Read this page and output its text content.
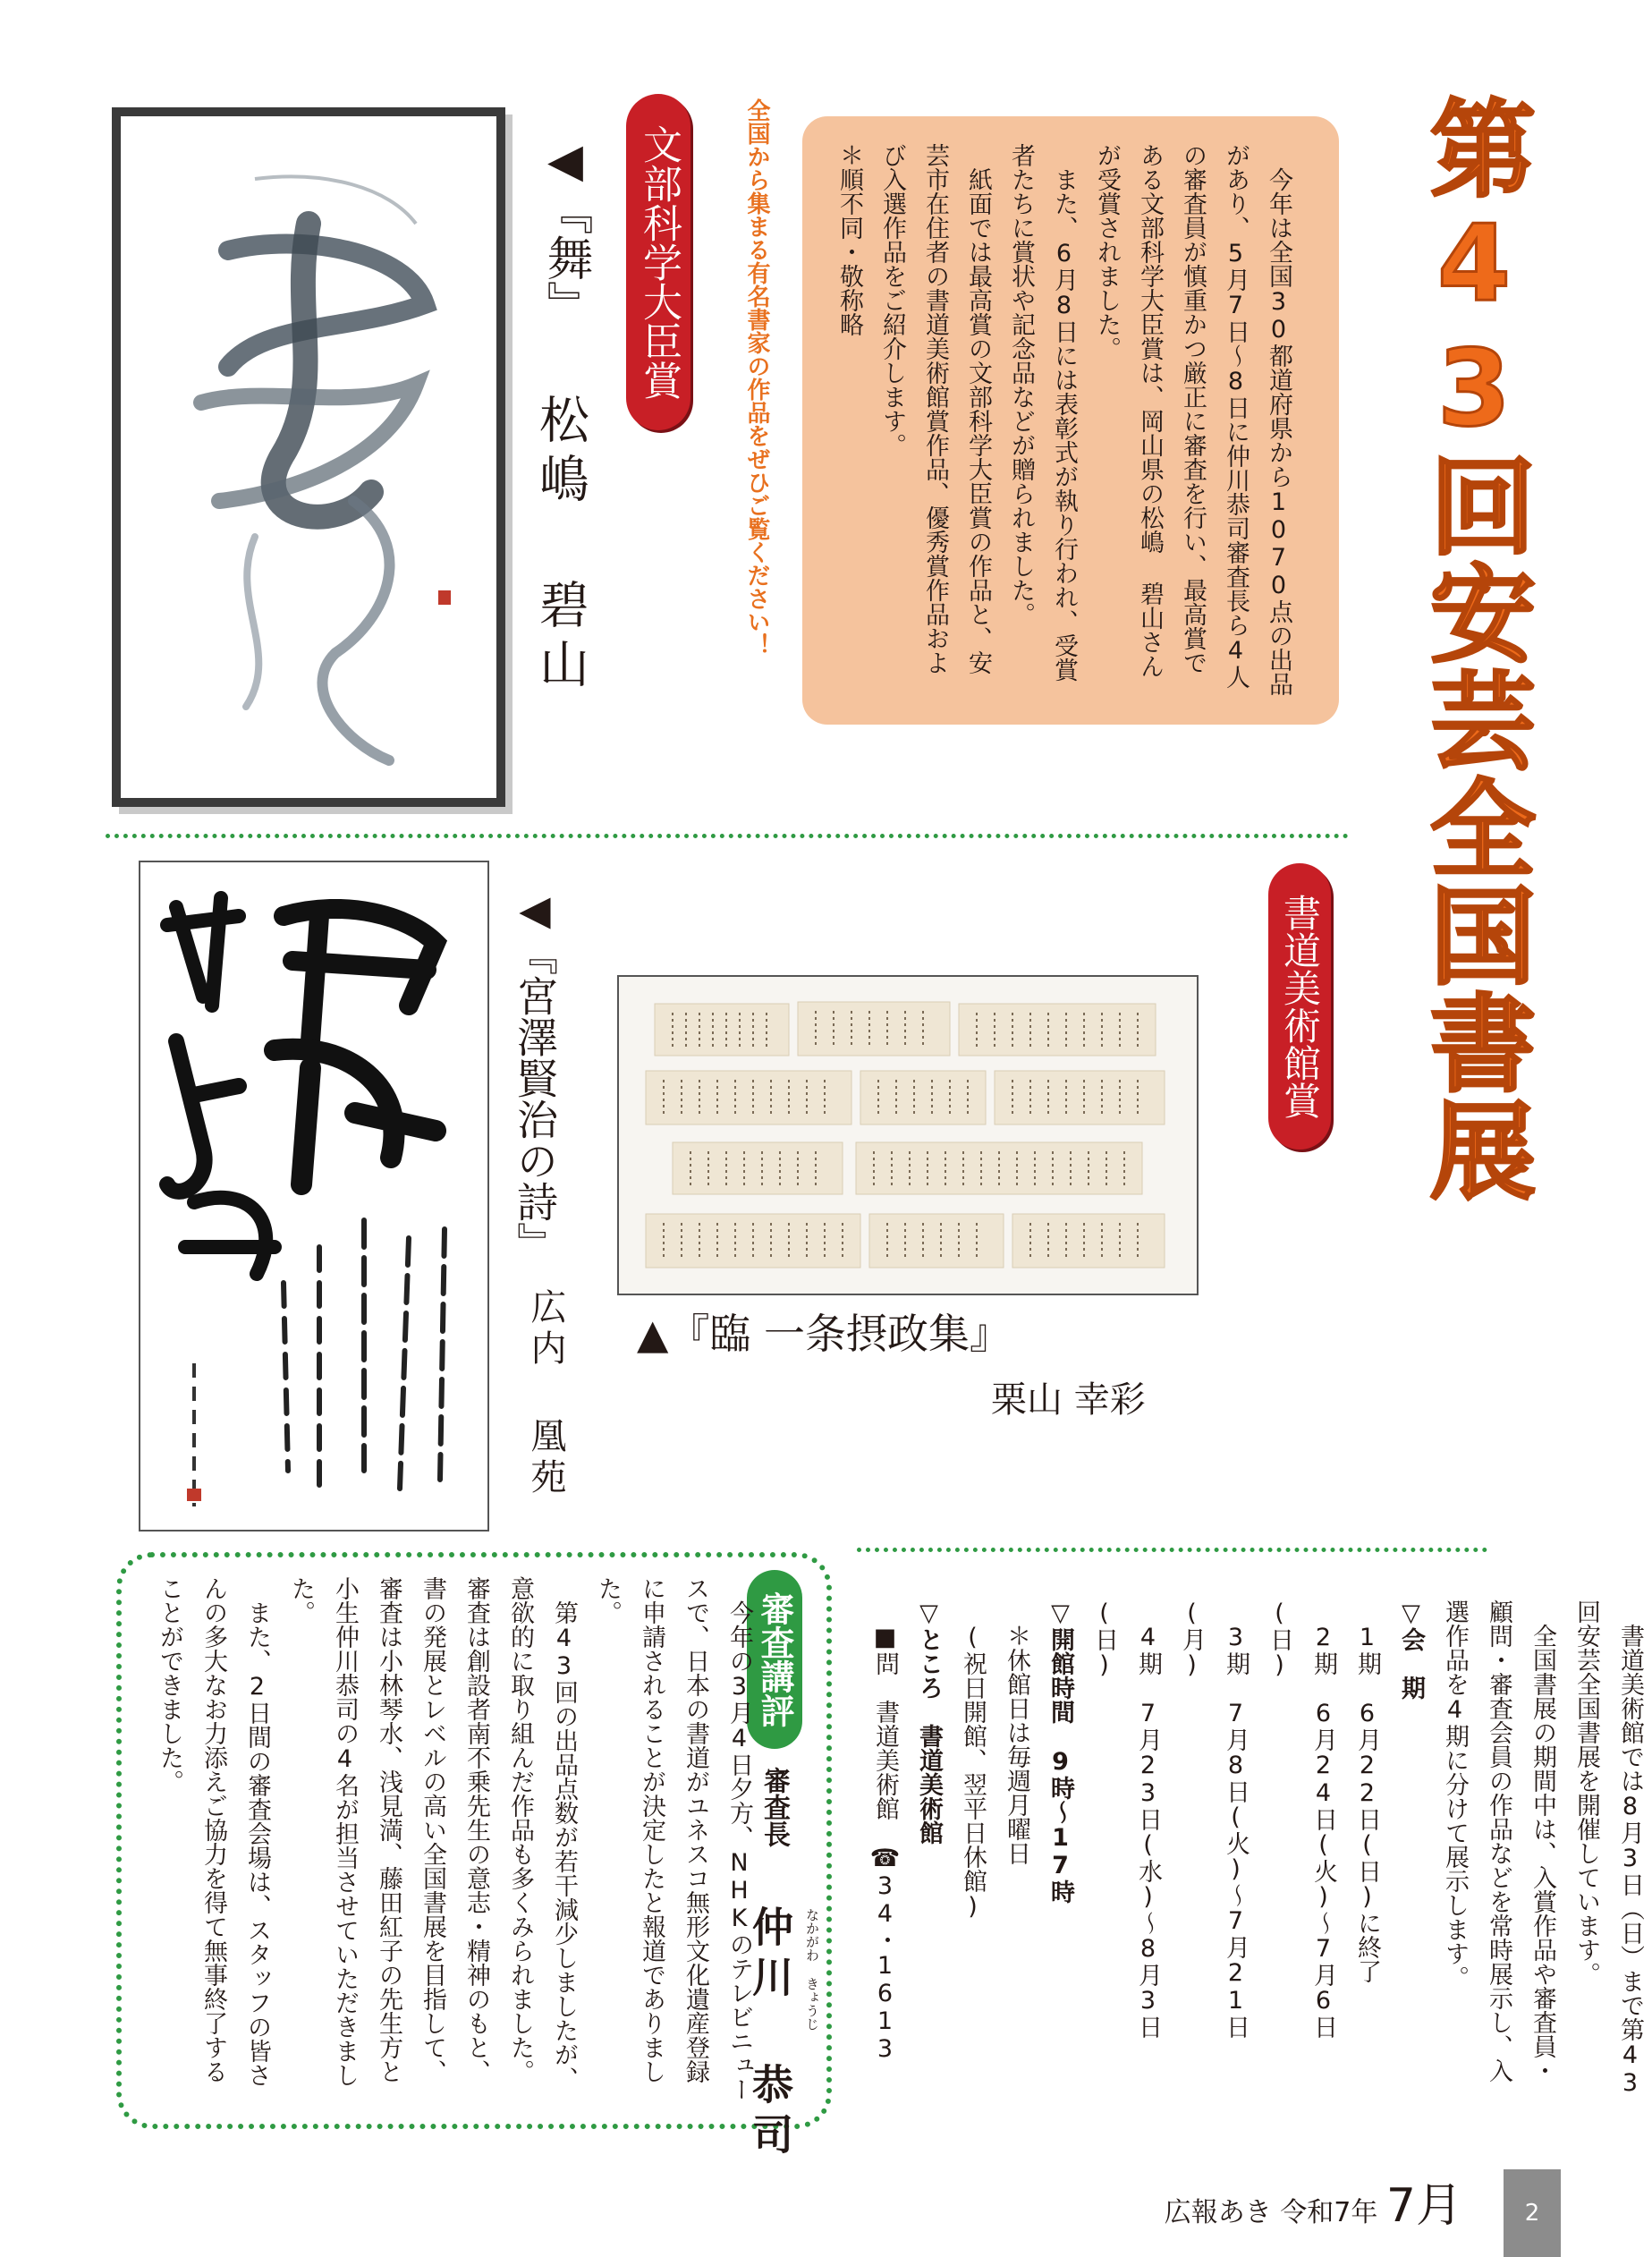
第43回安芸全国書展

今年は全国30都道府県から1070点の出品があり、5月7日～8日に仲川恭司審査長ら4人の審査員が慎重かつ厳正に審査を行い、最高賞である文部科学大臣賞は、岡山県の松嶋 碧山さんが受賞されました。

また、6月8日には表彰式が執り行われ、受賞者たちに賞状や記念品などが贈られました。

紙面では最高賞の文部科学大臣賞の作品と、安芸市在住者の書道美術館賞作品、優秀賞作品および入選作品をご紹介します。

＊順不同・敬称略

全国から集まる有名書家の作品をぜひご覧ください！
文部科学大臣賞
◀『舞』
松嶋 碧山
書道美術館賞
◀『宮澤賢治の詩』
広内 凰苑 ▲『臨 一条摂政集』
栗山 幸彩

書道美術館では8月3日（日）まで第43回安芸全国書展を開催しています。

全国書展の期間中は、入賞作品や審査員・顧問・審査会員の作品などを常時展示し、入選作品を4期に分けて展示します。

▽会　期

1期　6月22日(日)に終了

2期　6月24日(火)～7月6日(日)

3期　7月8日(火)～7月21日(月)

4期　7月23日(水)～8月3日(日)

▽開館時間　9時～17時

＊休館日は毎週月曜日

(祝日開館、翌平日休館)

▽ところ　書道美術館

■問　書道美術館　☎34・1613

審査講評
審査長
なかがわ
きょうじ
仲川 恭司

今年の3月4日夕方、NHKのテレビニュースで、日本の書道がユネスコ無形文化遺産登録に申請されることが決定したと報道でありました。

第43回の出品点数が若干減少しましたが、意欲的に取り組んだ作品も多くみられました。審査は創設者南不乗先生の意志・精神のもと、書の発展とレベルの高い全国書展を目指して、審査は小林琴水、浅見満、藤田紅子の先生方と小生仲川恭司の4名が担当させていただきました。

また、2日間の審査会場は、スタッフの皆さんの多大なお力添えご協力を得て無事終了することができました。

広報あき 令和7年 7月	2
